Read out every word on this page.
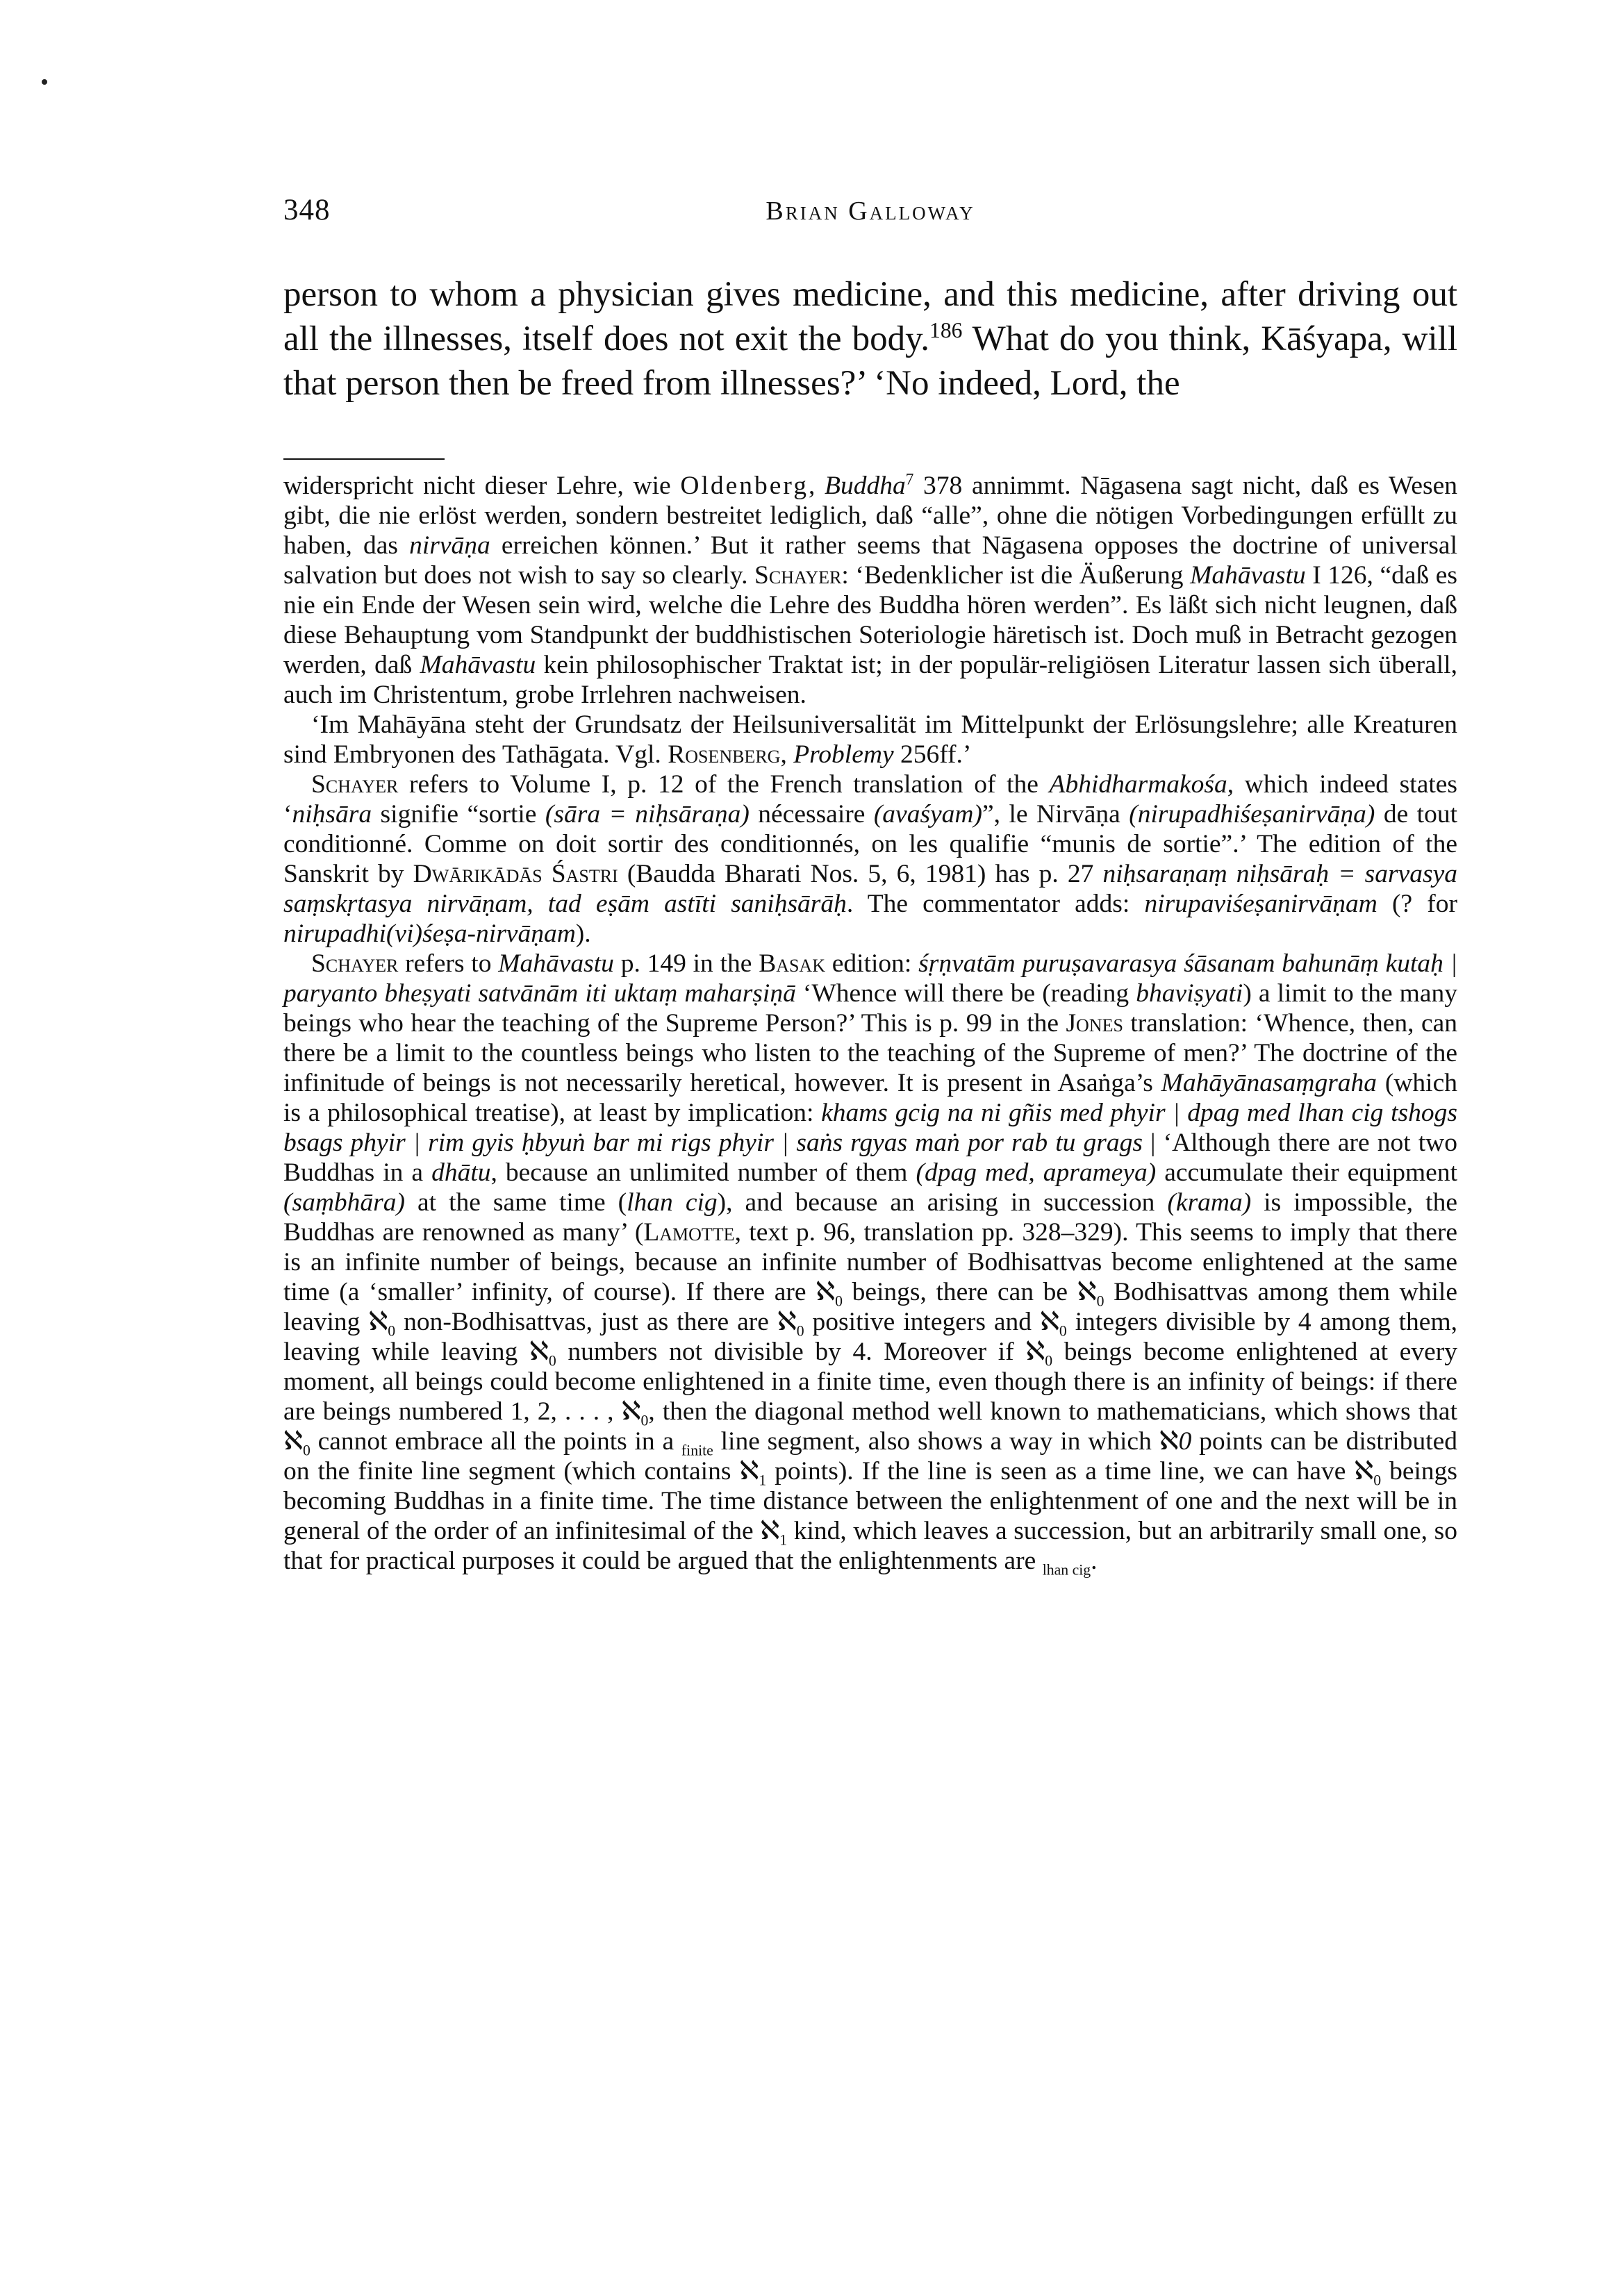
348	Brian Galloway

person to whom a physician gives medicine, and this medicine, after driving out all the illnesses, itself does not exit the body.$^{186}$ What do you think, Kāśyapa, will that person then be freed from illnesses?’ ‘No indeed, Lord, the

widerspricht nicht dieser Lehre, wie Oldenberg, Buddha$^7$ 378 annimmt. Nāgasena sagt nicht, daß es Wesen gibt, die nie erlöst werden, sondern bestreitet lediglich, daß “alle”, ohne die nötigen Vorbedingungen erfüllt zu haben, das nirvāṇa erreichen können.’ But it rather seems that Nāgasena opposes the doctrine of universal salvation but does not wish to say so clearly. Schayer: ‘Bedenklicher ist die Äußerung Mahāvastu I 126, “daß es nie ein Ende der Wesen sein wird, welche die Lehre des Buddha hören werden”. Es läßt sich nicht leugnen, daß diese Behauptung vom Standpunkt der buddhistischen Soteriologie häretisch ist. Doch muß in Betracht gezogen werden, daß Mahāvastu kein philosophischer Traktat ist; in der populär-religiösen Literatur lassen sich überall, auch im Christentum, grobe Irrlehren nachweisen.

‘Im Mahāyāna steht der Grundsatz der Heilsuniversalität im Mittelpunkt der Erlösungslehre; alle Kreaturen sind Embryonen des Tathāgata. Vgl. Rosenberg, Problemy 256ff.’

Schayer refers to Volume I, p. 12 of the French translation of the Abhidharmakośa, which indeed states ‘niḥsāra signifie “sortie (sāra = niḥsāraṇa) nécessaire (avaśyam)”, le Nirvāṇa (nirupadhiśeṣanirvāṇa) de tout conditionné. Comme on doit sortir des conditionnés, on les qualifie “munis de sortie”.’ The edition of the Sanskrit by Dwārikādās Śastri (Baudda Bharati Nos. 5, 6, 1981) has p. 27 niḥsaraṇaṃ niḥsāraḥ = sarvasya saṃskṛtasya nirvāṇam, tad eṣām astīti saniḥsārāḥ. The commentator adds: nirupaviśeṣanirvāṇam (? for nirupadhi(vi)śeṣa-nirvāṇam).

Schayer refers to Mahāvastu p. 149 in the Basak edition: śṛṇvatām puruṣavarasya śāsanam bahunāṃ kutaḥ | paryanto bheṣyati satvānām iti uktaṃ maharṣiṇā ‘Whence will there be (reading bhaviṣyati) a limit to the many beings who hear the teaching of the Supreme Person?’ This is p. 99 in the Jones translation: ‘Whence, then, can there be a limit to the countless beings who listen to the teaching of the Supreme of men?’ The doctrine of the infinitude of beings is not necessarily heretical, however. It is present in Asaṅga’s Mahāyānasaṃgraha (which is a philosophical treatise), at least by implication: khams gcig na ni gñis med phyir | dpag med lhan cig tshogs bsags phyir | rim gyis ḥbyuṅ bar mi rigs phyir | saṅs rgyas maṅ por rab tu grags | ‘Although there are not two Buddhas in a dhātu, because an unlimited number of them (dpag med, aprameya) accumulate their equipment (saṃbhāra) at the same time (lhan cig), and because an arising in succession (krama) is impossible, the Buddhas are renowned as many’ (Lamotte, text p. 96, translation pp. 328–329). This seems to imply that there is an infinite number of beings, because an infinite number of Bodhisattvas become enlightened at the same time (a ‘smaller’ infinity, of course). If there are ℵ$_0$ beings, there can be ℵ$_0$ Bodhisattvas among them while leaving ℵ$_0$ non-Bodhisattvas, just as there are ℵ$_0$ positive integers and ℵ$_0$ integers divisible by 4 among them, leaving while leaving ℵ$_0$ numbers not divisible by 4. Moreover if ℵ$_0$ beings become enlightened at every moment, all beings could become enlightened in a finite time, even though there is an infinity of beings: if there are beings numbered 1, 2, . . . , ℵ$_0$, then the diagonal method well known to mathematicians, which shows that ℵ$_0$ cannot embrace all the points in a $_{finite}$ line segment, also shows a way in which ℵ0 points can be distributed on the finite line segment (which contains ℵ$_1$ points). If the line is seen as a time line, we can have ℵ$_0$ beings becoming Buddhas in a finite time. The time distance between the enlightenment of one and the next will be in general of the order of an infinitesimal of the ℵ$_1$ kind, which leaves a succession, but an arbitrarily small one, so that for practical purposes it could be argued that the enlightenments are $_{lhan cig}$.
